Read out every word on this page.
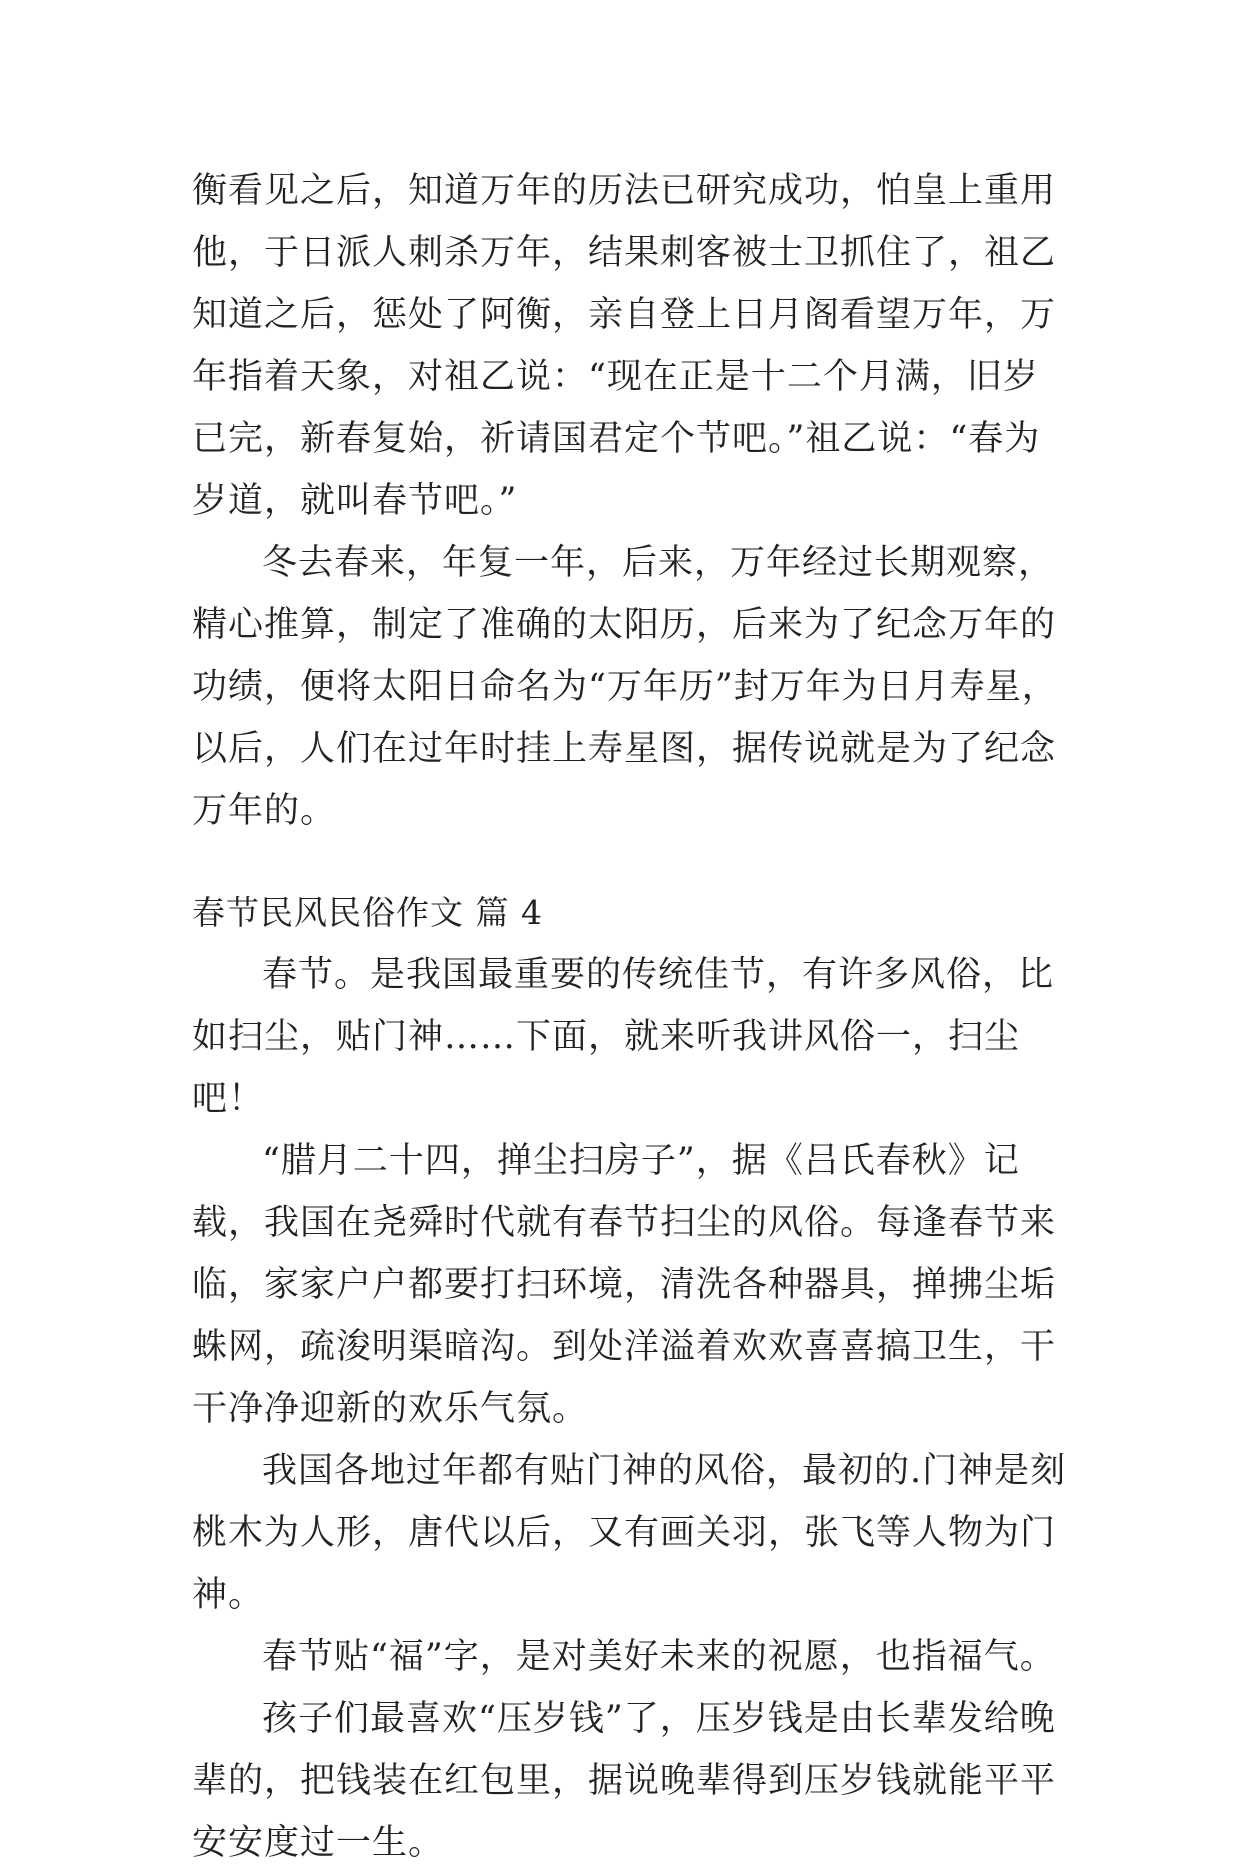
衡看见之后，知道万年的历法已研究成功，怕皇上重用他，于日派人刺杀万年，结果刺客被士卫抓住了，祖乙知道之后，惩处了阿衡，亲自登上日月阁看望万年，万年指着天象，对祖乙说：“现在正是十二个月满，旧岁已完，新春复始，祈请国君定个节吧。”祖乙说：“春为岁道，就叫春节吧。”

冬去春来，年复一年，后来，万年经过长期观察，精心推算，制定了准确的太阳历，后来为了纪念万年的功绩，便将太阳日命名为“万年历”封万年为日月寿星，以后，人们在过年时挂上寿星图，据传说就是为了纪念万年的。

春节民风民俗作文 篇 4

春节。是我国最重要的传统佳节，有许多风俗，比如扫尘，贴门神……下面，就来听我讲风俗一，扫尘吧！

“腊月二十四，掸尘扫房子”，据《吕氏春秋》记载，我国在尧舜时代就有春节扫尘的风俗。每逢春节来临，家家户户都要打扫环境，清洗各种器具，掸拂尘垢蛛网，疏浚明渠暗沟。到处洋溢着欢欢喜喜搞卫生，干干净净迎新的欢乐气氛。

我国各地过年都有贴门神的风俗，最初的.门神是刻桃木为人形，唐代以后，又有画关羽，张飞等人物为门神。

春节贴“福”字，是对美好未来的祝愿，也指福气。

孩子们最喜欢“压岁钱”了，压岁钱是由长辈发给晚辈的，把钱装在红包里，据说晚辈得到压岁钱就能平平安安度过一生。
